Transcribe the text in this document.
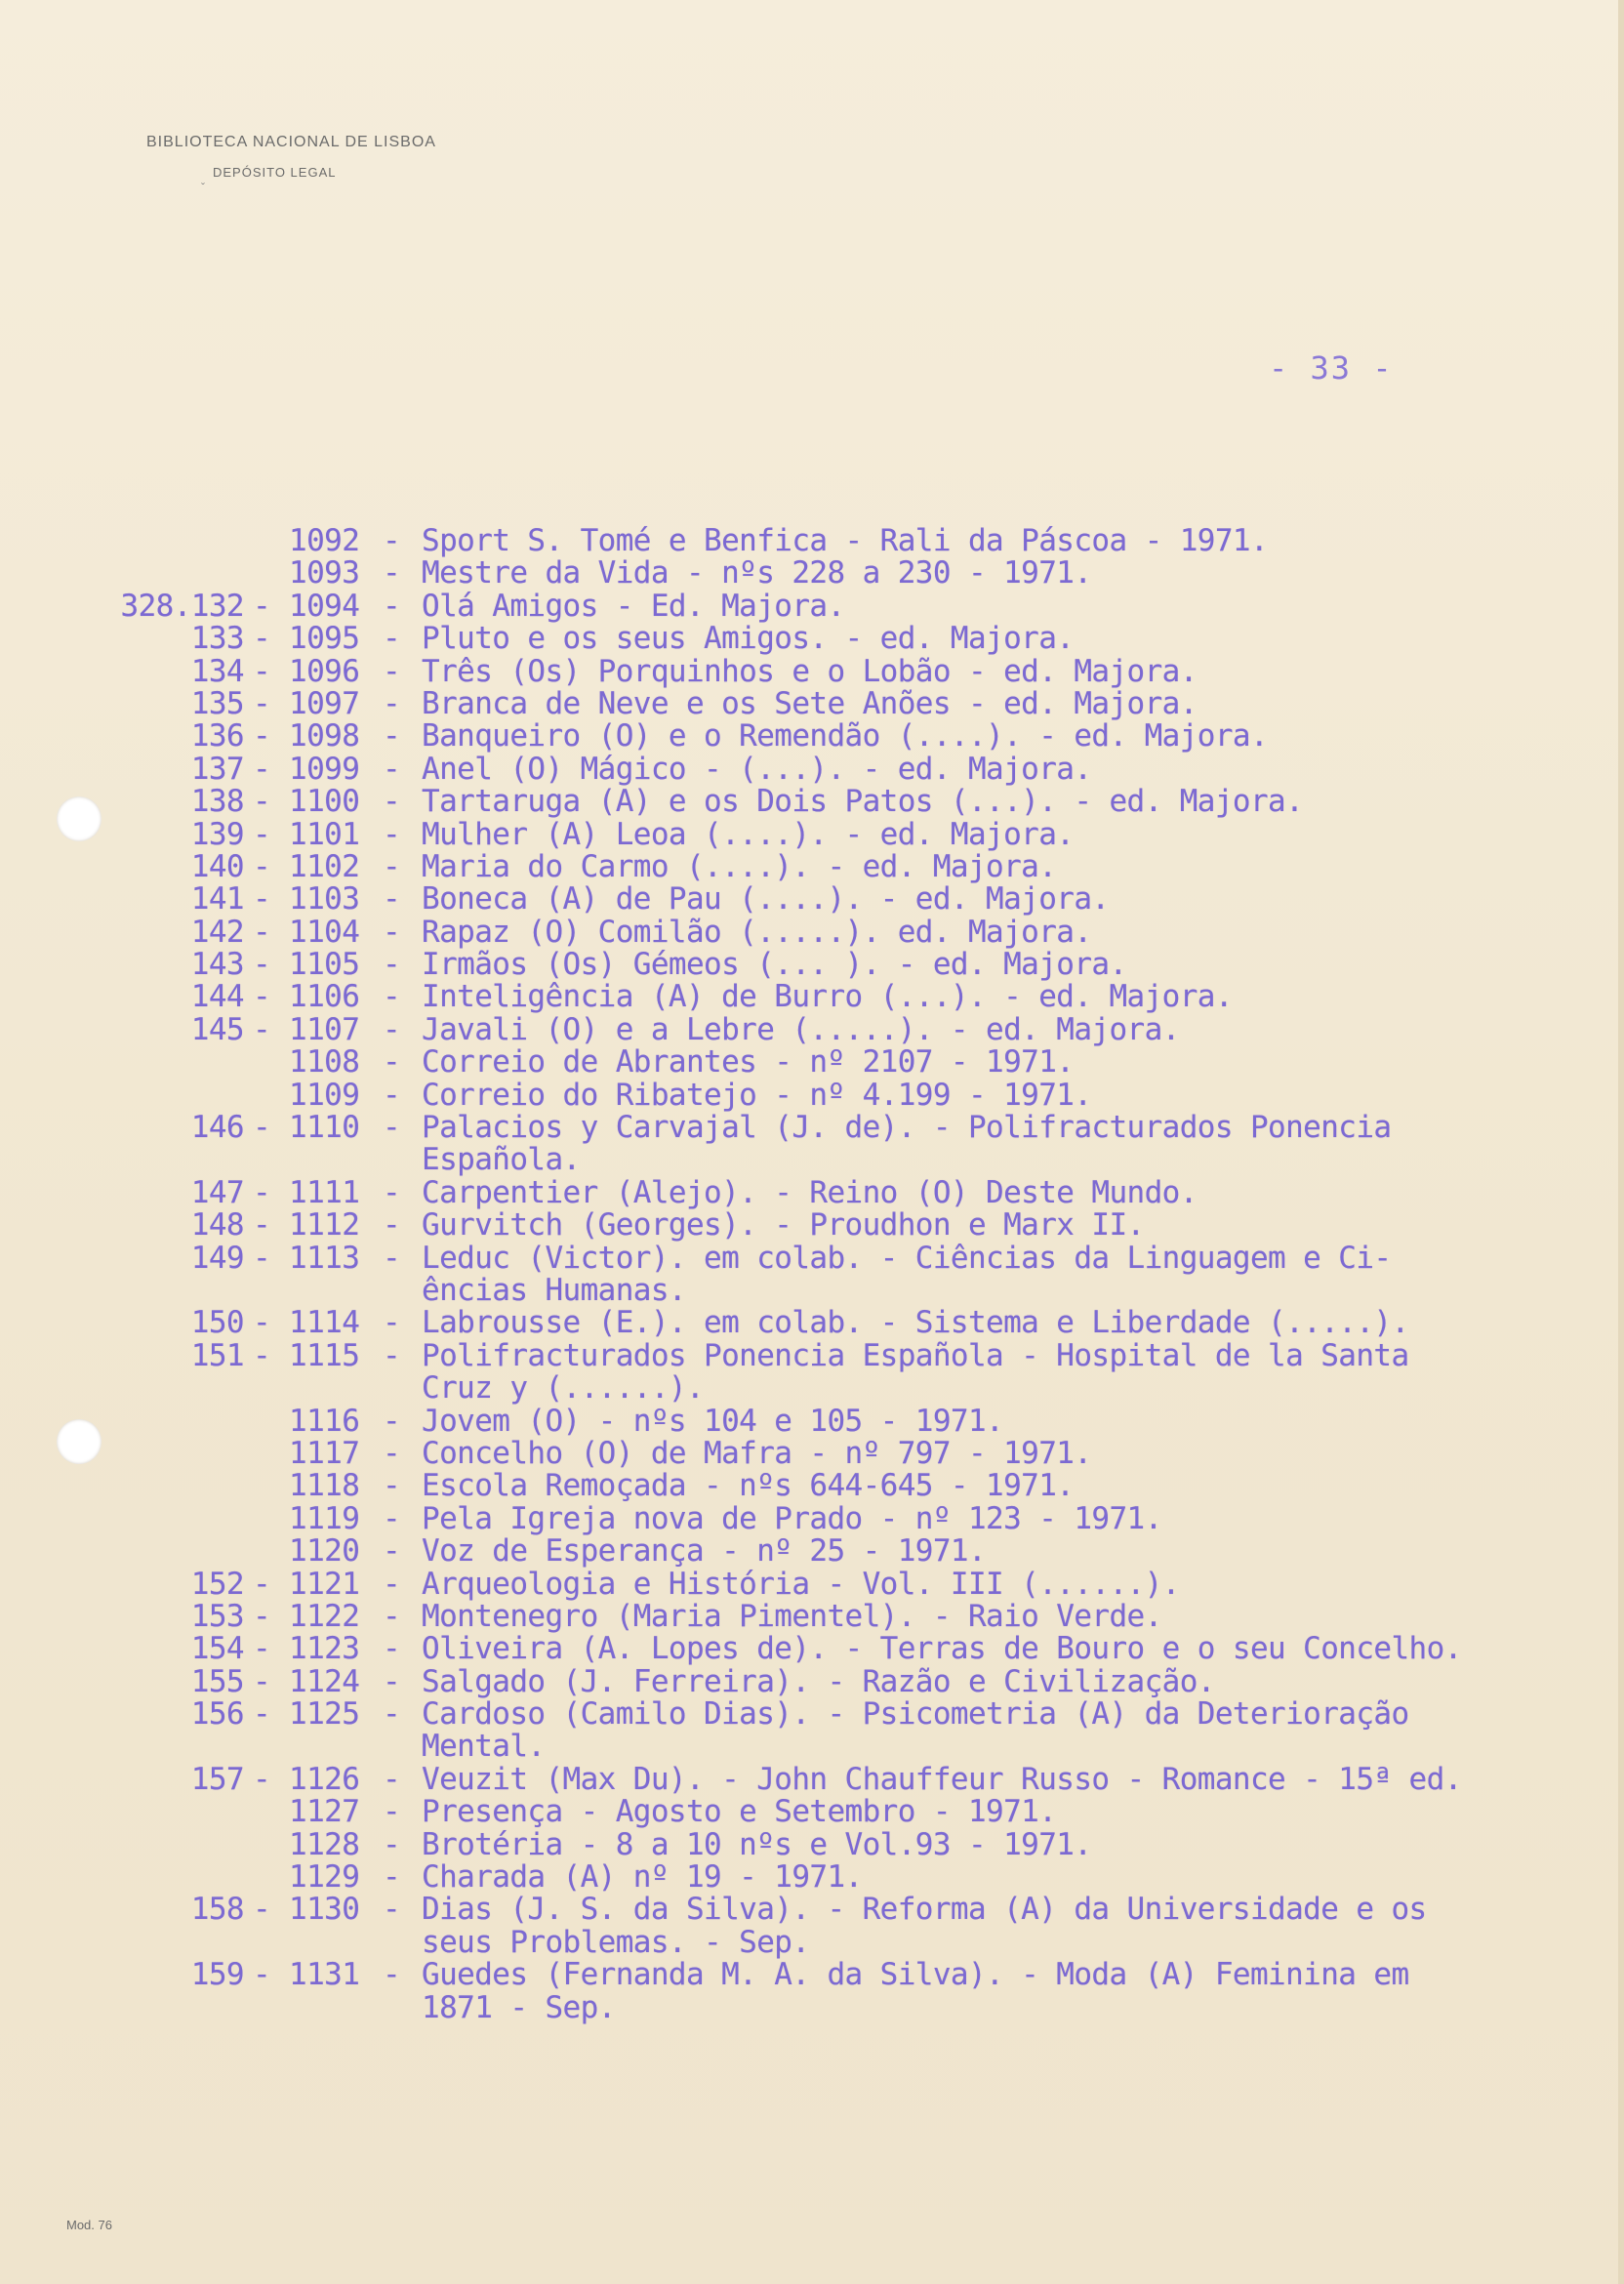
BIBLIOTECA NACIONAL DE LISBOA
ˇ
DEPÓSITO LEGAL
- 33 -
1092 - Sport S. Tomé e Benfica - Rali da Páscoa - 1971.
1093 - Mestre da Vida - nºs 228 a 230 - 1971.
328.132 - 1094 - Olá Amigos - Ed. Majora.
133 - 1095 - Pluto e os seus Amigos. - ed. Majora.
134 - 1096 - Três (Os) Porquinhos e o Lobão - ed. Majora.
135 - 1097 - Branca de Neve e os Sete Anões - ed. Majora.
136 - 1098 - Banqueiro (O) e o Remendão (....). - ed. Majora.
137 - 1099 - Anel (O) Mágico - (...). - ed. Majora.
138 - 1100 - Tartaruga (A) e os Dois Patos (...). - ed. Majora.
139 - 1101 - Mulher (A) Leoa (....). - ed. Majora.
140 - 1102 - Maria do Carmo (....). - ed. Majora.
141 - 1103 - Boneca (A) de Pau (....). - ed. Majora.
142 - 1104 - Rapaz (O) Comilão (.....). ed. Majora.
143 - 1105 - Irmãos (Os) Gémeos (... ). - ed. Majora.
144 - 1106 - Inteligência (A) de Burro (...). - ed. Majora.
145 - 1107 - Javali (O) e a Lebre (.....). - ed. Majora.
1108 - Correio de Abrantes - nº 2107 - 1971.
1109 - Correio do Ribatejo - nº 4.199 - 1971.
146 - 1110 - Palacios y Carvajal (J. de). - Polifracturados Ponencia
Española.
147 - 1111 - Carpentier (Alejo). - Reino (O) Deste Mundo.
148 - 1112 - Gurvitch (Georges). - Proudhon e Marx II.
149 - 1113 - Leduc (Victor). em colab. - Ciências da Linguagem e Ci-
ências Humanas.
150 - 1114 - Labrousse (E.). em colab. - Sistema e Liberdade (.....).
151 - 1115 - Polifracturados Ponencia Española - Hospital de la Santa
Cruz y (......).
1116 - Jovem (O) - nºs 104 e 105 - 1971.
1117 - Concelho (O) de Mafra - nº 797 - 1971.
1118 - Escola Remoçada - nºs 644-645 - 1971.
1119 - Pela Igreja nova de Prado - nº 123 - 1971.
1120 - Voz de Esperança - nº 25 - 1971.
152 - 1121 - Arqueologia e História - Vol. III (......).
153 - 1122 - Montenegro (Maria Pimentel). - Raio Verde.
154 - 1123 - Oliveira (A. Lopes de). - Terras de Bouro e o seu Concelho.
155 - 1124 - Salgado (J. Ferreira). - Razão e Civilização.
156 - 1125 - Cardoso (Camilo Dias). - Psicometria (A) da Deterioração
Mental.
157 - 1126 - Veuzit (Max Du). - John Chauffeur Russo - Romance - 15ª ed.
1127 - Presença - Agosto e Setembro - 1971.
1128 - Brotéria - 8 a 10 nºs e Vol.93 - 1971.
1129 - Charada (A) nº 19 - 1971.
158 - 1130 - Dias (J. S. da Silva). - Reforma (A) da Universidade e os
seus Problemas. - Sep.
159 - 1131 - Guedes (Fernanda M. A. da Silva). - Moda (A) Feminina em
1871 - Sep.
Mod. 76
